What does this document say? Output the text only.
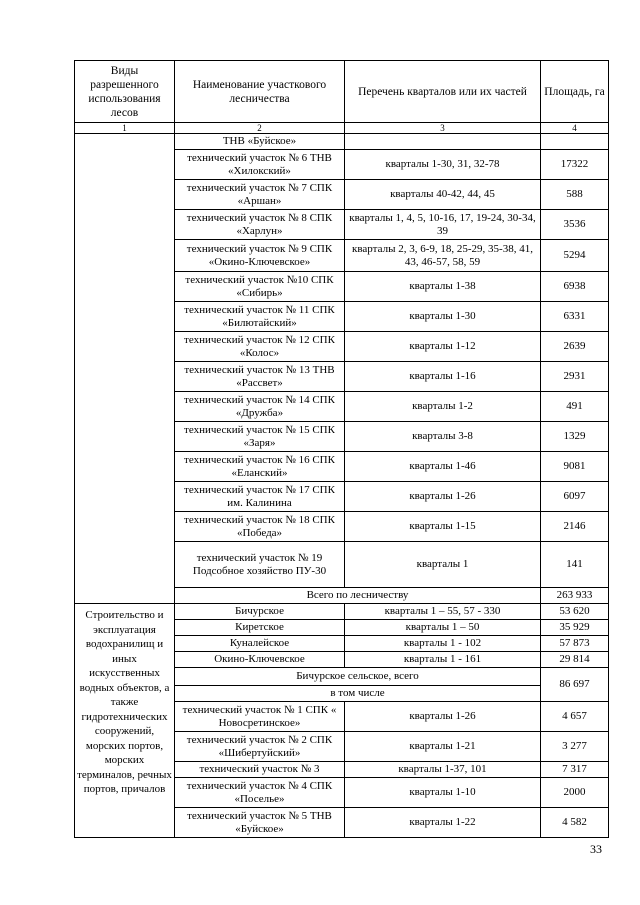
Виды разрешенного использования лесов	Наименование участкового лесничества	Перечень кварталов или их частей	Площадь, га
1	2	3	4
	ТНВ «Буйское»		
	технический участок № 6 ТНВ «Хилокский»	кварталы 1-30, 31, 32-78	17322
	технический участок № 7 СПК «Аршан»	кварталы 40-42, 44, 45	588
	технический участок № 8 СПК «Харлун»	кварталы 1, 4, 5, 10-16, 17, 19-24, 30-34, 39	3536
	технический участок № 9 СПК «Окино-Ключевское»	кварталы 2, 3, 6-9, 18, 25-29, 35-38, 41, 43, 46-57, 58, 59	5294
	технический участок №10 СПК «Сибирь»	кварталы 1-38	6938
	технический участок № 11 СПК «Билютайский»	кварталы 1-30	6331
	технический участок № 12 СПК «Колос»	кварталы 1-12	2639
	технический участок № 13 ТНВ «Рассвет»	кварталы 1-16	2931
	технический участок № 14 СПК «Дружба»	кварталы 1-2	491
	технический участок № 15 СПК «Заря»	кварталы 3-8	1329
	технический участок № 16 СПК «Еланский»	кварталы 1-46	9081
	технический участок № 17 СПК им. Калинина	кварталы 1-26	6097
	технический участок № 18 СПК «Победа»	кварталы 1-15	2146
	технический участок № 19 Подсобное хозяйство ПУ-30	кварталы 1	141
	Всего по лесничеству		263 933
Строительство и эксплуатация водохранилищ и иных искусственных водных объектов, а также гидротехнических сооружений, морских портов, морских терминалов, речных портов, причалов	Бичурское	кварталы 1 – 55, 57 - 330	53 620
	Киретское	кварталы 1 – 50	35 929
	Куналейское	кварталы 1 - 102	57 873
	Окино-Ключевское	кварталы 1 - 161	29 814
	Бичурское сельское, всего		86 697
	в том числе		
	технический участок № 1 СПК « Новосретинское»	кварталы 1-26	4 657
	технический участок № 2 СПК «Шибертуйский»	кварталы 1-21	3 277
	технический участок № 3	кварталы 1-37, 101	7 317
	технический участок № 4 СПК «Поселье»	кварталы 1-10	2000
	технический участок № 5 ТНВ «Буйское»	кварталы 1-22	4 582
33
